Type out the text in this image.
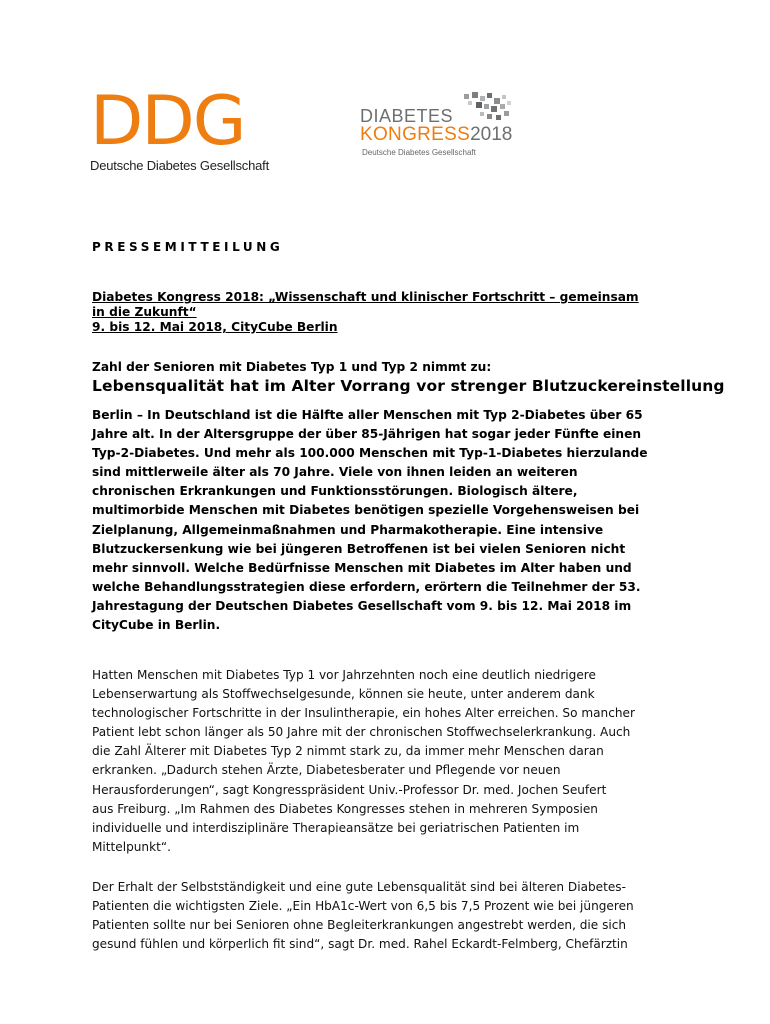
DDG
Deutsche Diabetes Gesellschaft
DIABETES
KONGRESS2018
Deutsche Diabetes Gesellschaft
PRESSEMITTEILUNG
Diabetes Kongress 2018: „Wissenschaft und klinischer Fortschritt – gemeinsam
in die Zukunft“
9. bis 12. Mai 2018, CityCube Berlin
Zahl der Senioren mit Diabetes Typ 1 und Typ 2 nimmt zu:
Lebensqualität hat im Alter Vorrang vor strenger Blutzuckereinstellung
Berlin – In Deutschland ist die Hälfte aller Menschen mit Typ 2-Diabetes über 65
Jahre alt. In der Altersgruppe der über 85-Jährigen hat sogar jeder Fünfte einen
Typ-2-Diabetes. Und mehr als 100.000 Menschen mit Typ-1-Diabetes hierzulande
sind mittlerweile älter als 70 Jahre. Viele von ihnen leiden an weiteren
chronischen Erkrankungen und Funktionsstörungen. Biologisch ältere,
multimorbide Menschen mit Diabetes benötigen spezielle Vorgehensweisen bei
Zielplanung, Allgemeinmaßnahmen und Pharmakotherapie. Eine intensive
Blutzuckersenkung wie bei jüngeren Betroffenen ist bei vielen Senioren nicht
mehr sinnvoll. Welche Bedürfnisse Menschen mit Diabetes im Alter haben und
welche Behandlungsstrategien diese erfordern, erörtern die Teilnehmer der 53.
Jahrestagung der Deutschen Diabetes Gesellschaft vom 9. bis 12. Mai 2018 im
CityCube in Berlin.
Hatten Menschen mit Diabetes Typ 1 vor Jahrzehnten noch eine deutlich niedrigere
Lebenserwartung als Stoffwechselgesunde, können sie heute, unter anderem dank
technologischer Fortschritte in der Insulintherapie, ein hohes Alter erreichen. So mancher
Patient lebt schon länger als 50 Jahre mit der chronischen Stoffwechselerkrankung. Auch
die Zahl Älterer mit Diabetes Typ 2 nimmt stark zu, da immer mehr Menschen daran
erkranken. „Dadurch stehen Ärzte, Diabetesberater und Pflegende vor neuen
Herausforderungen“, sagt Kongresspräsident Univ.-Professor Dr. med. Jochen Seufert
aus Freiburg. „Im Rahmen des Diabetes Kongresses stehen in mehreren Symposien
individuelle und interdisziplinäre Therapieansätze bei geriatrischen Patienten im
Mittelpunkt“.
Der Erhalt der Selbstständigkeit und eine gute Lebensqualität sind bei älteren Diabetes-
Patienten die wichtigsten Ziele. „Ein HbA1c-Wert von 6,5 bis 7,5 Prozent wie bei jüngeren
Patienten sollte nur bei Senioren ohne Begleiterkrankungen angestrebt werden, die sich
gesund fühlen und körperlich fit sind“, sagt Dr. med. Rahel Eckardt-Felmberg, Chefärztin
